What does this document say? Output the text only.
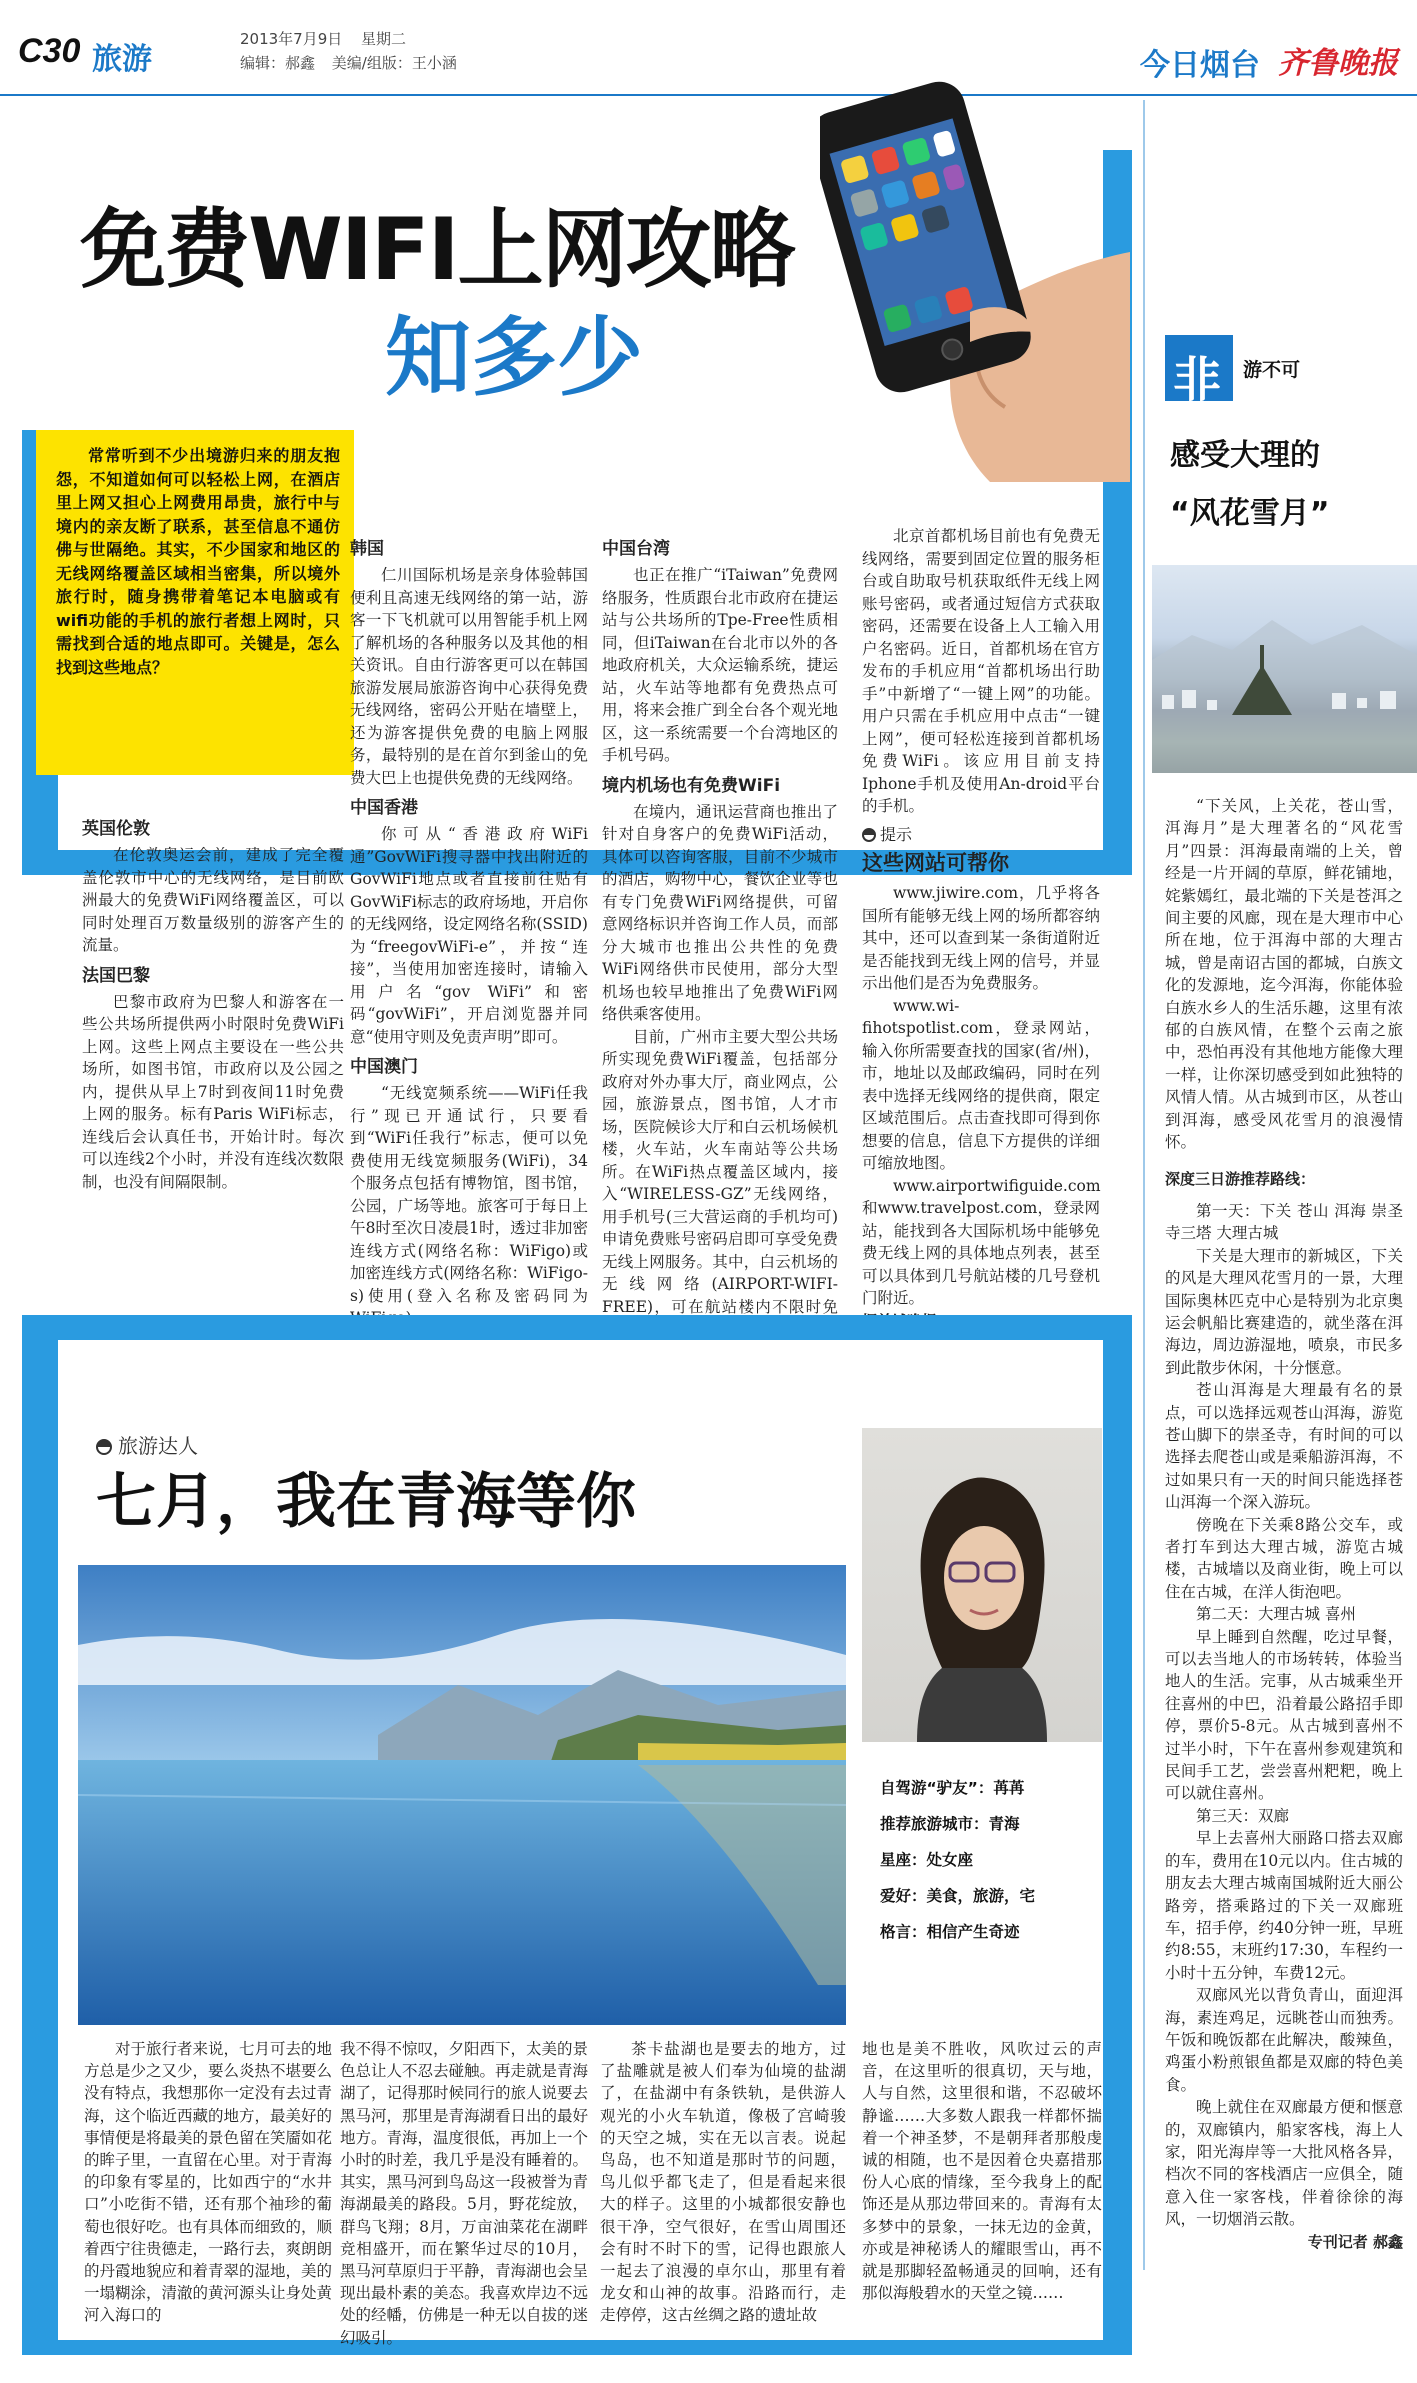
C30 旅游
2013年7月9日 星期二
编辑：郝鑫 美编/组版：王小涵	今日烟台 齐鲁晚报
免费WIFI上网攻略
知多少

常常听到不少出境游归来的朋友抱怨，不知道如何可以轻松上网，在酒店里上网又担心上网费用昂贵，旅行中与境内的亲友断了联系，甚至信息不通仿佛与世隔绝。其实，不少国家和地区的无线网络覆盖区域相当密集，所以境外旅行时，随身携带着笔记本电脑或有wifi功能的手机的旅行者想上网时，只需找到合适的地点即可。关键是，怎么找到这些地点？

英国伦敦

在伦敦奥运会前，建成了完全覆盖伦敦市中心的无线网络，是目前欧洲最大的免费WiFi网络覆盖区，可以同时处理百万数量级别的游客产生的流量。

法国巴黎

巴黎市政府为巴黎人和游客在一些公共场所提供两小时限时免费WiFi上网。这些上网点主要设在一些公共场所，如图书馆，市政府以及公园之内，提供从早上7时到夜间11时免费上网的服务。标有Paris WiFi标志，连线后会认真任书，开始计时。每次可以连线2个小时，并没有连线次数限制，也没有间隔限制。

韩国

仁川国际机场是亲身体验韩国便利且高速无线网络的第一站，游客一下飞机就可以用智能手机上网了解机场的各种服务以及其他的相关资讯。自由行游客更可以在韩国旅游发展局旅游咨询中心获得免费无线网络，密码公开贴在墙壁上，还为游客提供免费的电脑上网服务，最特别的是在首尔到釜山的免费大巴上也提供免费的无线网络。

中国香港

你可从“香港政府WiFi通”GovWiFi搜寻器中找出附近的GovWiFi地点或者直接前往贴有GovWiFi标志的政府场地，开启你的无线网络，设定网络名称(SSID)为“freegovWiFi-e”，并按“连接”，当使用加密连接时，请输入用户名“gov WiFi”和密码“govWiFi”，开启浏览器并同意“使用守则及免责声明”即可。

中国澳门

“无线宽频系统——WiFi任我行”现已开通试行，只要看到“WiFi任我行”标志，便可以免费使用无线宽频服务(WiFi)，34个服务点包括有博物馆，图书馆，公园，广场等地。旅客可于每日上午8时至次日凌晨1时，透过非加密连线方式(网络名称：WiFigo)或加密连线方式(网络名称：WiFigo-s)使用(登入名称及密码同为

中国台湾

也正在推广“iTaiwan”免费网络服务，性质跟台北市政府在捷运站与公共场所的Tpe-Free性质相同，但iTaiwan在台北市以外的各地政府机关，大众运输系统，捷运站，火车站等地都有免费热点可用，将来会推广到全台各个观光地区，这一系统需要一个台湾地区的手机号码。

境内机场也有免费WiFi

在境内，通讯运营商也推出了针对自身客户的免费WiFi活动，具体可以咨询客服，目前不少城市的酒店，购物中心，餐饮企业等也有专门免费WiFi网络提供，可留意网络标识并咨询工作人员，而部分大城市也推出公共性的免费WiFi网络供市民使用，部分大型机场也较早地推出了免费WiFi网络供乘客使用。

目前，广州市主要大型公共场所实现免费WiFi覆盖，包括部分政府对外办事大厅，商业网点，公园，旅游景点，图书馆，人才市场，医院候诊大厅和白云机场候机楼，火车站，火车南站等公共场所。在WiFi热点覆盖区域内，接入“WIRELESS-GZ”无线网络，用手机号(三大营运商的手机均可)申请免费账号密码启即可享受免费无线上网服务。其中，白云机场的无线网络(AIRPORT-WIFI-FREE)，可在航站楼内不限时免

北京首都机场目前也有免费无线网络，需要到固定位置的服务柜台或自助取号机获取纸件无线上网账号密码，或者通过短信方式获取密码，还需要在设备上人工输入用户名密码。近日，首都机场在官方发布的手机应用“首都机场出行助手”中新增了“一键上网”的功能。用户只需在手机应用中点击“一键上网”，便可轻松连接到首都机场免费WiFi。该应用目前支持Iphone手机及使用An-droid平台的手机。

提示
这些网站可帮你

www.jiwire.com，几乎将各国所有能够无线上网的场所都容纳其中，还可以查到某一条街道附近是否能找到无线上网的信号，并显示出他们是否为免费服务。

www.wi-fihotspotlist.com，登录网站，输入你所需要查找的国家(省/州)，市，地址以及邮政编码，同时在列表中选择无线网络的提供商，限定区域范围后。点击查找即可得到你想要的信息，信息下方提供的详细可缩放地图。

www.airportwifiguide.com和www.travelpost.com，登录网站，能找到各大国际机场中能够免费无线上网的具体地点列表，甚至可以具体到几号航站楼的几号登机门附近。

非 游不可
感受大理的
“风花雪月”

“下关风，上关花，苍山雪，洱海月”是大理著名的“风花雪月”四景：洱海最南端的上关，曾经是一片开阔的草原，鲜花铺地，姹紫嫣红，最北端的下关是苍洱之间主要的风廊，现在是大理市中心所在地，位于洱海中部的大理古城，曾是南诏古国的都城，白族文化的发源地，迄今洱海，你能体验白族水乡人的生活乐趣，这里有浓郁的白族风情，在整个云南之旅中，恐怕再没有其他地方能像大理一样，让你深切感受到如此独特的风情人情。从古城到市区，从苍山到洱海，感受风花雪月的浪漫情怀。

深度三日游推荐路线：

第一天：下关 苍山 洱海 崇圣寺三塔 大理古城

下关是大理市的新城区，下关的风是大理风花雪月的一景，大理国际奥林匹克中心是特别为北京奥运会帆船比赛建造的，就坐落在洱海边，周边游湿地，喷泉，市民多到此散步休闲，十分惬意。

苍山洱海是大理最有名的景点，可以选择远观苍山洱海，游览苍山脚下的崇圣寺，有时间的可以选择去爬苍山或是乘船游洱海，不过如果只有一天的时间只能选择苍山洱海一个深入游玩。

傍晚在下关乘8路公交车，或者打车到达大理古城，游览古城楼，古城墙以及商业街，晚上可以住在古城，在洋人街泡吧。

第二天：大理古城 喜州

早上睡到自然醒，吃过早餐，可以去当地人的市场转转，体验当地人的生活。完事，从古城乘坐开往喜州的中巴，沿着最公路招手即停，票价5-8元。从古城到喜州不过半小时，下午在喜州参观建筑和民间手工艺，尝尝喜州粑粑，晚上可以就住喜州。

第三天：双廊

早上去喜州大丽路口搭去双廊的车，费用在10元以内。住古城的朋友去大理古城南国城附近大丽公路旁，搭乘路过的下关一双廊班车，招手停，约40分钟一班，早班约8:55，末班约17:30，车程约一小时十五分钟，车费12元。

双廊风光以背负青山，面迎洱海，素连鸡足，远眺苍山而独秀。午饭和晚饭都在此解决，酸辣鱼，鸡蛋小粉煎银鱼都是双廊的特色美食。

晚上就住在双廊最方便和惬意的，双廊镇内，船家客栈，海上人家，阳光海岸等一大批风格各异，档次不同的客栈酒店一应俱全，随意入住一家客栈，伴着徐徐的海风，一切烟消云散。

专刊记者 郝鑫
旅游达人
七月，我在青海等你
自驾游“驴友”：苒苒
推荐旅游城市：青海
星座：处女座
爱好：美食，旅游，宅
格言：相信产生奇迹

对于旅行者来说，七月可去的地方总是少之又少，要么炎热不堪要么没有特点，我想那你一定没有去过青海，这个临近西藏的地方，最美好的事情便是将最美的景色留在笑靥如花的眸子里，一直留在心里。对于青海的印象有零星的，比如西宁的“水井口”小吃街不错，还有那个袖珍的葡萄也很好吃。也有具体而细致的，顺着西宁往贵德走，一路行去，爽朗朗的丹霞地貌应和着青翠的湿地，美的一塌糊涂，清澈的黄河源头让身处黄河入海口的

我不得不惊叹，夕阳西下，太美的景色总让人不忍去碰触。再走就是青海湖了，记得那时候同行的旅人说要去黑马河，那里是青海湖看日出的最好地方。青海，温度很低，再加上一个小时的时差，我几乎是没有睡着的。其实，黑马河到鸟岛这一段被誉为青海湖最美的路段。5月，野花绽放，群鸟飞翔；8月，万亩油菜花在湖畔竞相盛开，而在繁华过尽的10月，黑马河草原归于平静，青海湖也会呈现出最朴素的美态。我喜欢岸边不远处的经幡，仿佛是一种无以自拔的迷幻吸引。

茶卡盐湖也是要去的地方，过了盐雕就是被人们奉为仙境的盐湖了，在盐湖中有条铁轨，是供游人观光的小火车轨道，像极了宫崎骏的天空之城，实在无以言表。说起鸟岛，也不知道是那时节的问题，鸟儿似乎都飞走了，但是看起来很大的样子。这里的小城都很安静也很干净，空气很好，在雪山周围还会有时不时下的雪，记得也跟旅人一起去了浪漫的卓尔山，那里有着龙女和山神的故事。沿路而行，走走停停，这古丝绸之路的遗址故

地也是美不胜收，风吹过云的声音，在这里听的很真切，天与地，人与自然，这里很和谐，不忍破坏静谧……大多数人跟我一样都怀揣着一个神圣梦，不是朝拜者那般虔诚的相随，也不是因着仓央嘉措那份人心底的情缘，至今我身上的配饰还是从那边带回来的。青海有太多梦中的景象，一抹无边的金黄，亦或是神秘诱人的耀眼雪山，再不就是那脚轻盈畅通灵的回响，还有那似海般碧水的天堂之镜……
